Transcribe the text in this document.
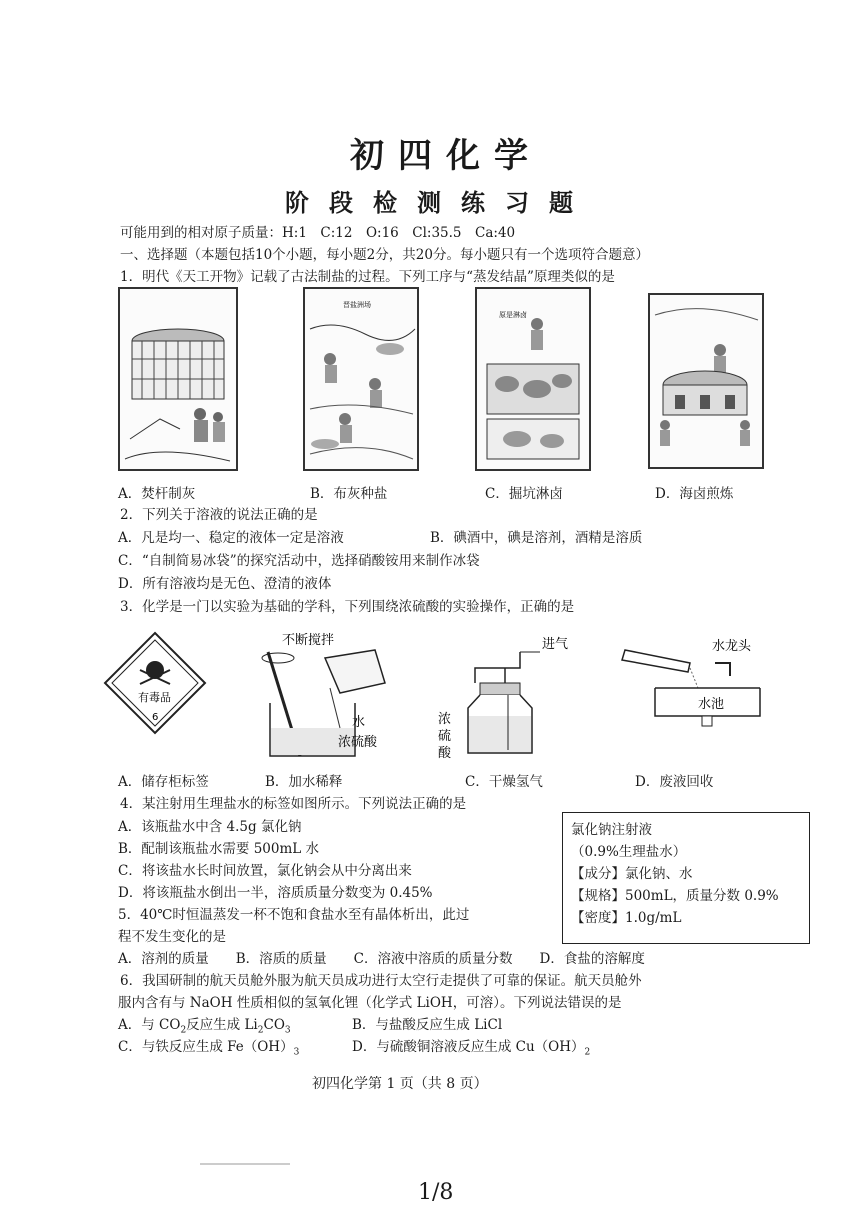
初四化学
阶段检测练习题
可能用到的相对原子质量：H:1　C:12　O:16　Cl:35.5　Ca:40
一、选择题（本题包括10个小题，每小题2分，共20分。每小题只有一个选项符合题意）
1．明代《天工开物》记载了古法制盐的过程。下列工序与“蒸发结晶”原理类似的是
晋盐洲场
原是淋卤
A．焚杆制灰	B．布灰种盐	C．掘坑淋卤	D．海卤煎炼
2．下列关于溶液的说法正确的是
A．凡是均一、稳定的液体一定是溶液	B．碘酒中，碘是溶剂，酒精是溶质
C．“自制简易冰袋”的探究活动中，选择硝酸铵用来制作冰袋
D．所有溶液均是无色、澄清的液体
3．化学是一门以实验为基础的学科，下列围绕浓硫酸的实验操作，正确的是
有毒品
6
不断搅拌
水
浓硫酸
进气
浓
硫
酸
水龙头
水池
A．储存柜标签	B．加水稀释	C．干燥氢气	D．废液回收
4．某注射用生理盐水的标签如图所示。下列说法正确的是
A．该瓶盐水中含 4.5g 氯化钠
B．配制该瓶盐水需要 500mL 水
C．将该盐水长时间放置，氯化钠会从中分离出来
D．将该瓶盐水倒出一半，溶质质量分数变为 0.45%
氯化钠注射液
（0.9%生理盐水）
【成分】氯化钠、水
【规格】500mL，质量分数 0.9%
【密度】1.0g/mL
5．40℃时恒温蒸发一杯不饱和食盐水至有晶体析出，此过
程不发生变化的是
A．溶剂的质量　　B．溶质的质量　　C．溶液中溶质的质量分数　　D．食盐的溶解度
6．我国研制的航天员舱外服为航天员成功进行太空行走提供了可靠的保证。航天员舱外
服内含有与 NaOH 性质相似的氢氧化锂（化学式 LiOH，可溶）。下列说法错误的是
A．与 $CO_2$反应生成 $Li_2CO_3$	B．与盐酸反应生成 LiCl
C．与铁反应生成 $Fe(OH)_3$	D．与硫酸铜溶液反应生成 $Cu(OH)_2$
初四化学第 1 页（共 8 页）
1/8
